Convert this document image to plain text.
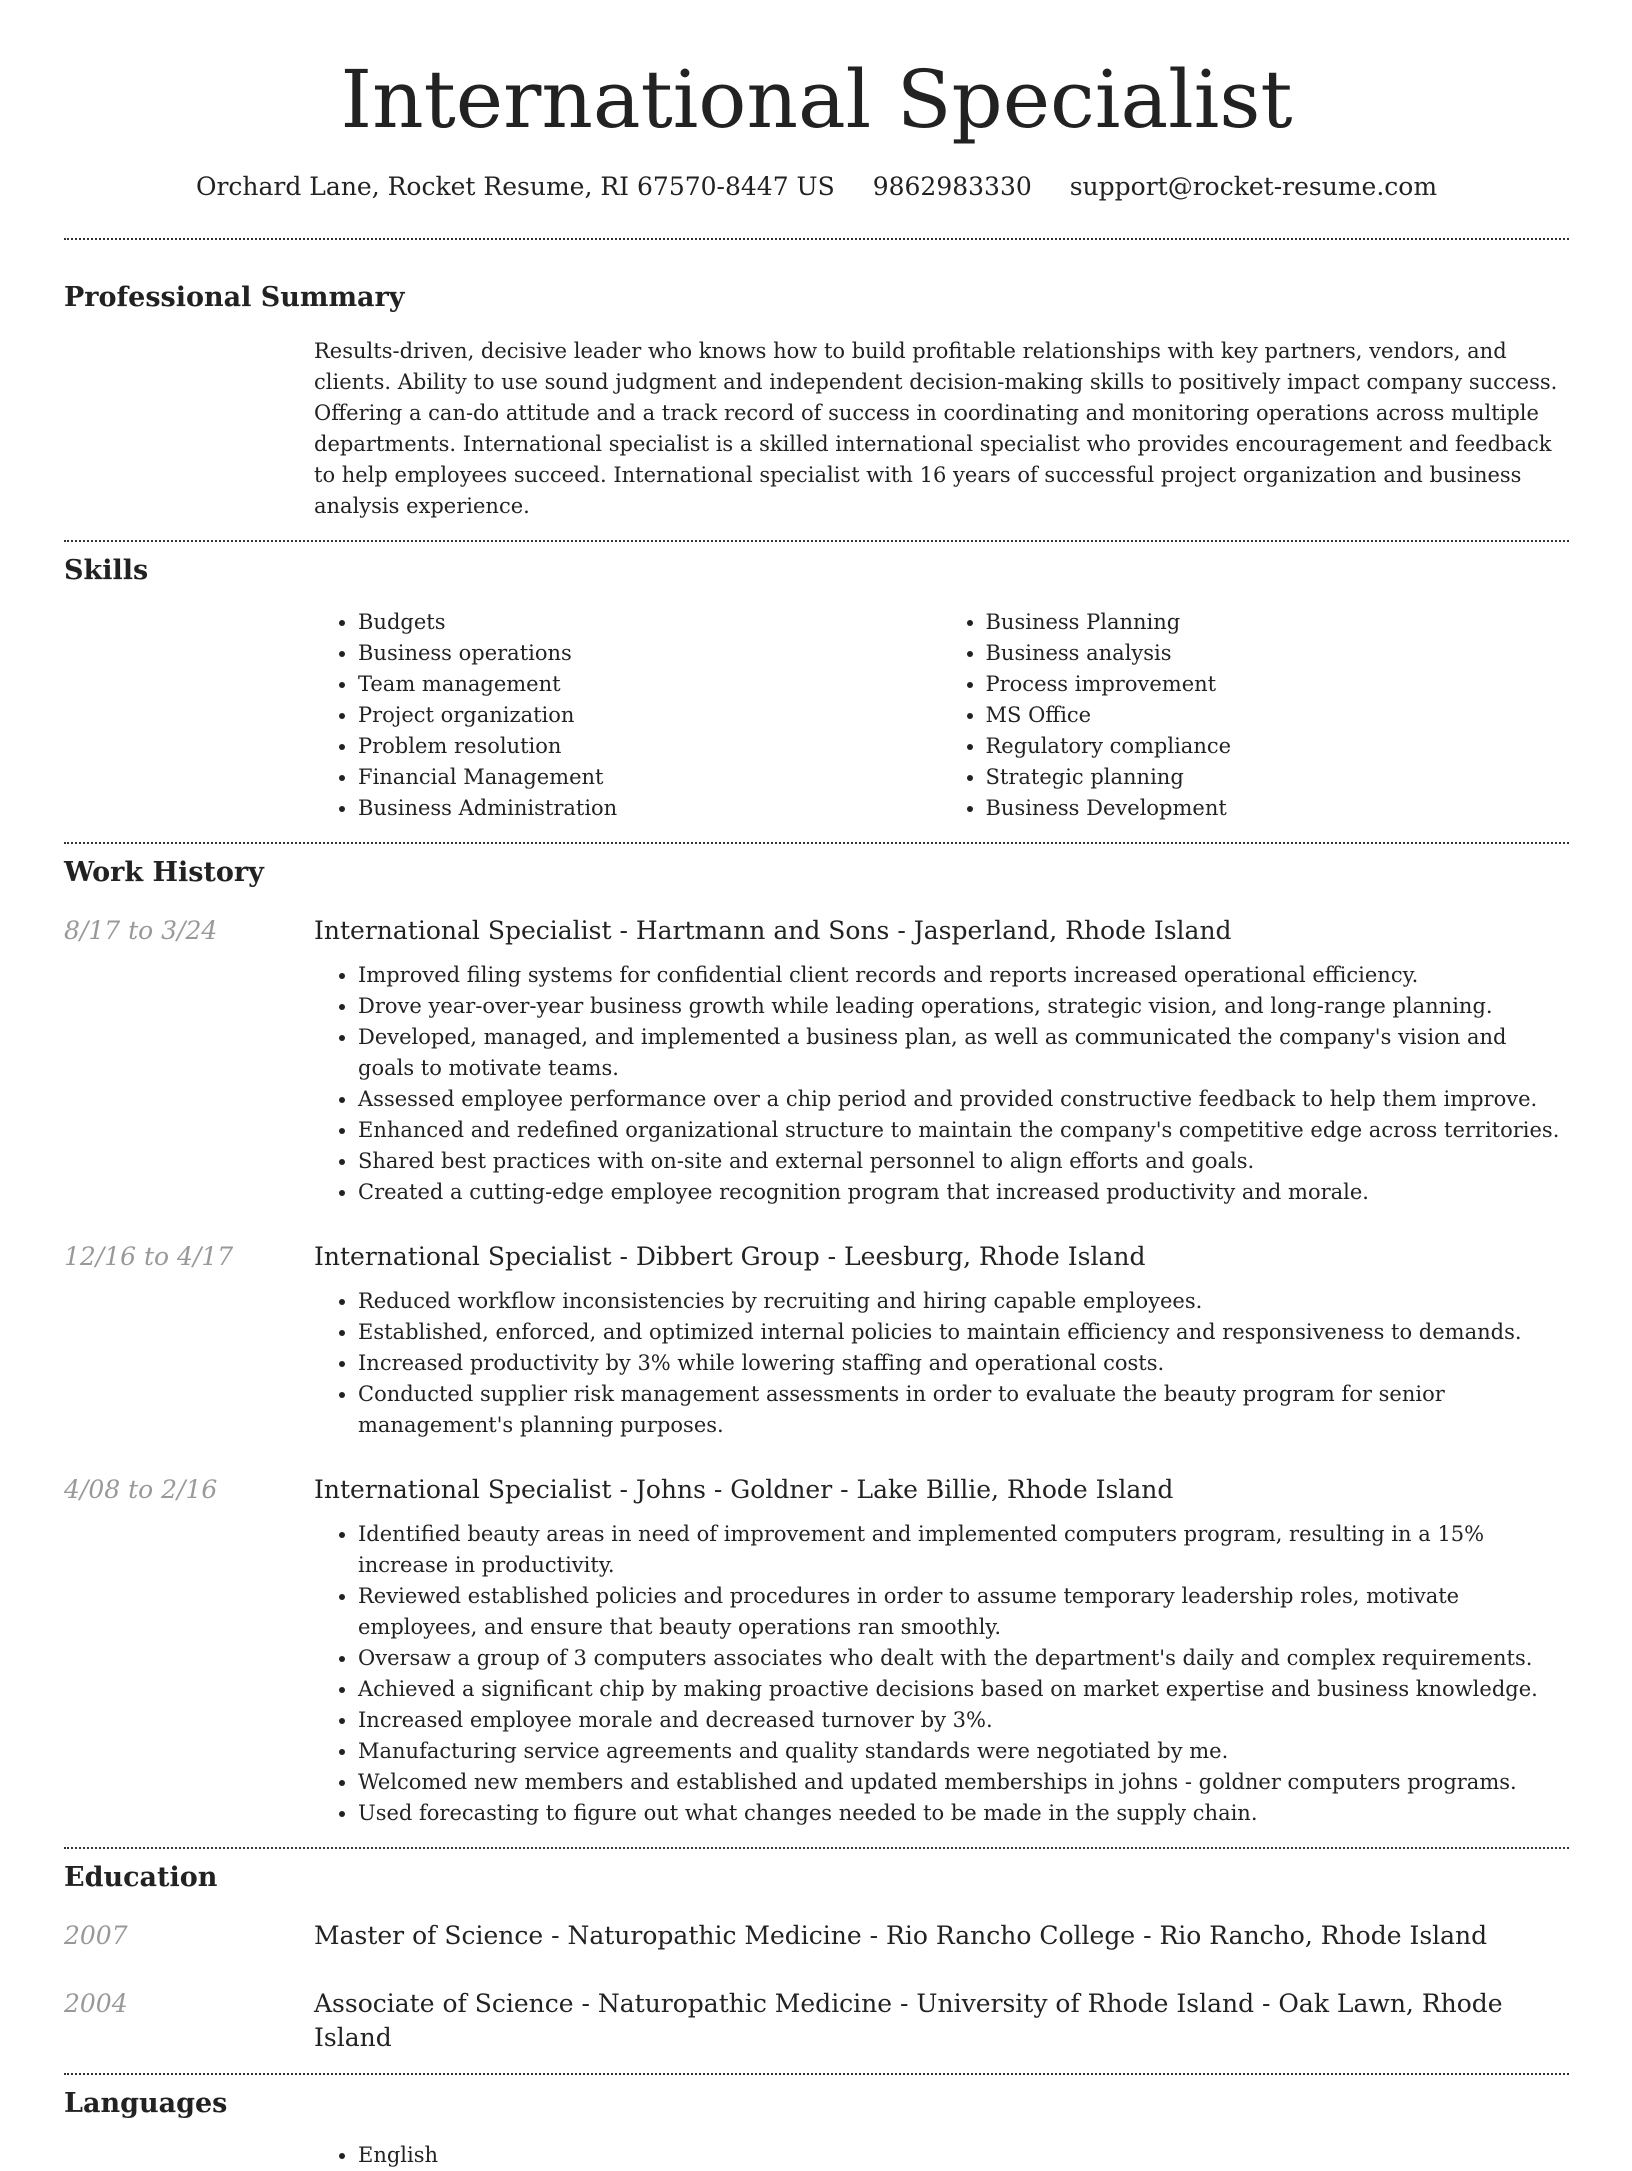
International Specialist
Orchard Lane, Rocket Resume, RI 67570-8447 US 9862983330 support@rocket-resume.com
Professional Summary

Results-driven, decisive leader who knows how to build profitable relationships with key partners, vendors, and clients. Ability to use sound judgment and independent decision-making skills to positively impact company success. Offering a can-do attitude and a track record of success in coordinating and monitoring operations across multiple departments. International specialist is a skilled international specialist who provides encouragement and feedback to help employees succeed. International specialist with 16 years of successful project organization and business analysis experience.

Skills
• Budgets
• Business operations
• Team management
• Project organization
• Problem resolution
• Financial Management
• Business Administration
• Business Planning
• Business analysis
• Process improvement
• MS Office
• Regulatory compliance
• Strategic planning
• Business Development
Work History
8/17 to 3/24	International Specialist - Hartmann and Sons - Jasperland, Rhode Island
• Improved filing systems for confidential client records and reports increased operational efficiency.
• Drove year-over-year business growth while leading operations, strategic vision, and long-range planning.
• Developed, managed, and implemented a business plan, as well as communicated the company's vision and goals to motivate teams.
• Assessed employee performance over a chip period and provided constructive feedback to help them improve.
• Enhanced and redefined organizational structure to maintain the company's competitive edge across territories.
• Shared best practices with on-site and external personnel to align efforts and goals.
• Created a cutting-edge employee recognition program that increased productivity and morale.
12/16 to 4/17	International Specialist - Dibbert Group - Leesburg, Rhode Island
• Reduced workflow inconsistencies by recruiting and hiring capable employees.
• Established, enforced, and optimized internal policies to maintain efficiency and responsiveness to demands.
• Increased productivity by 3% while lowering staffing and operational costs.
• Conducted supplier risk management assessments in order to evaluate the beauty program for senior management's planning purposes.
4/08 to 2/16	International Specialist - Johns - Goldner - Lake Billie, Rhode Island
• Identified beauty areas in need of improvement and implemented computers program, resulting in a 15% increase in productivity.
• Reviewed established policies and procedures in order to assume temporary leadership roles, motivate employees, and ensure that beauty operations ran smoothly.
• Oversaw a group of 3 computers associates who dealt with the department's daily and complex requirements.
• Achieved a significant chip by making proactive decisions based on market expertise and business knowledge.
• Increased employee morale and decreased turnover by 3%.
• Manufacturing service agreements and quality standards were negotiated by me.
• Welcomed new members and established and updated memberships in johns - goldner computers programs.
• Used forecasting to figure out what changes needed to be made in the supply chain.
Education
2007	Master of Science - Naturopathic Medicine - Rio Rancho College - Rio Rancho, Rhode Island
2004	Associate of Science - Naturopathic Medicine - University of Rhode Island - Oak Lawn, Rhode Island
Languages
• English
